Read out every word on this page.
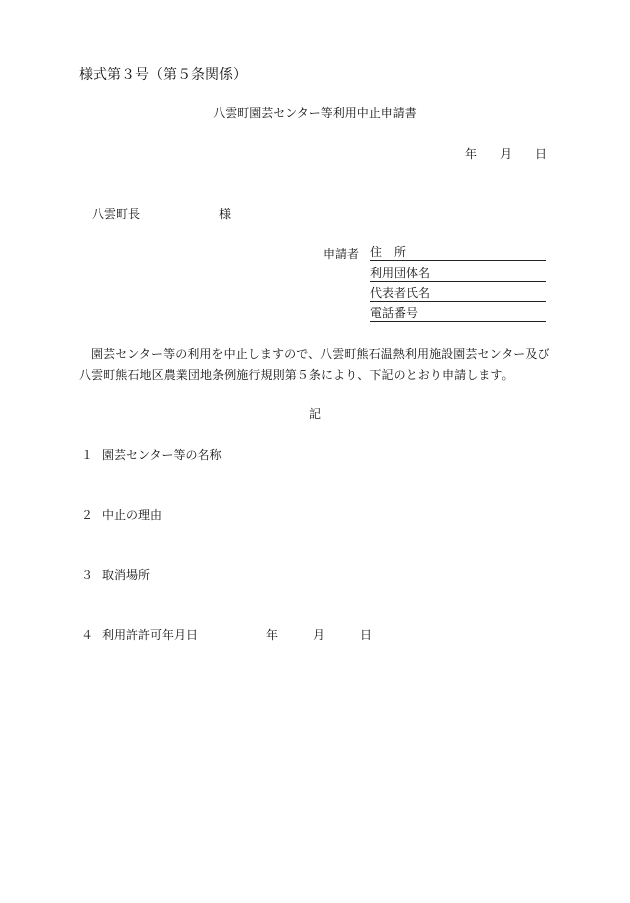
様式第３号（第５条関係）
八雲町園芸センター等利用中止申請書
年 月 日
八雲町長	様
申請者 住　所
利用団体名
代表者氏名
電話番号
園芸センター等の利用を中止しますので、八雲町熊石温熱利用施設園芸センター及び八雲町熊石地区農業団地条例施行規則第５条により、下記のとおり申請します。
記
１ 園芸センター等の名称
２ 中止の理由
３ 取消場所
４ 利用許許可年月日	年	月	日
